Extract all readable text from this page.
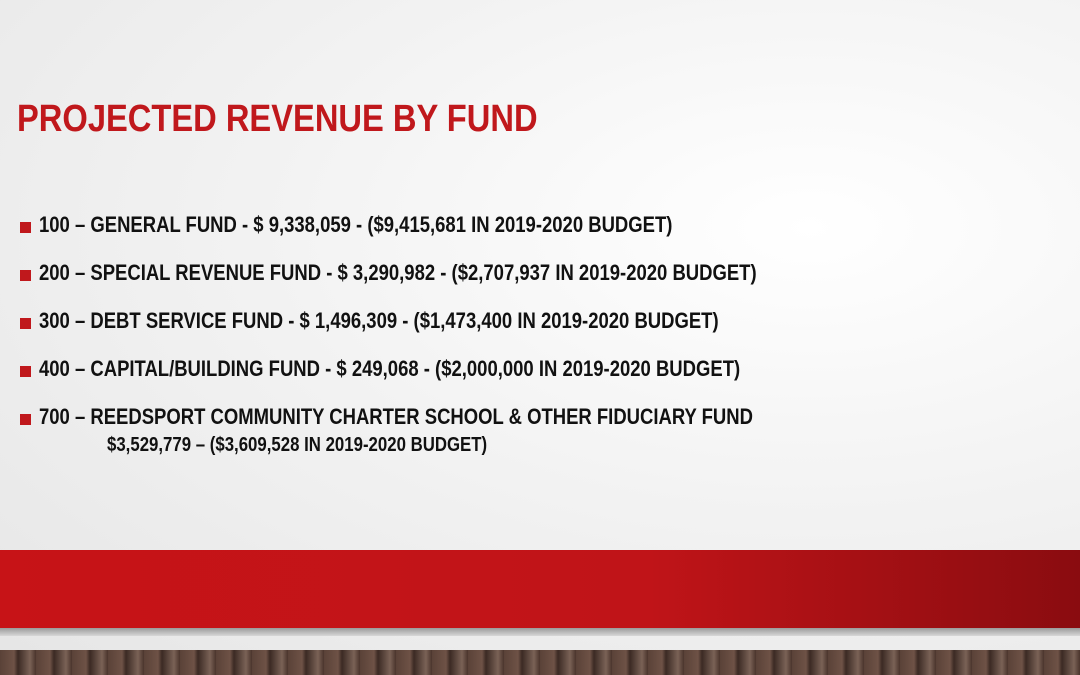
PROJECTED REVENUE BY FUND
100 – GENERAL FUND - $ 9,338,059 - ($9,415,681 IN 2019-2020 BUDGET)
200 – SPECIAL REVENUE FUND - $ 3,290,982 - ($2,707,937 IN 2019-2020 BUDGET)
300 – DEBT SERVICE FUND - $ 1,496,309 - ($1,473,400 IN 2019-2020 BUDGET)
400 – CAPITAL/BUILDING FUND - $ 249,068 - ($2,000,000 IN 2019-2020 BUDGET)
700 – REEDSPORT COMMUNITY CHARTER SCHOOL & OTHER FIDUCIARY FUND
$3,529,779 – ($3,609,528 IN 2019-2020 BUDGET)
